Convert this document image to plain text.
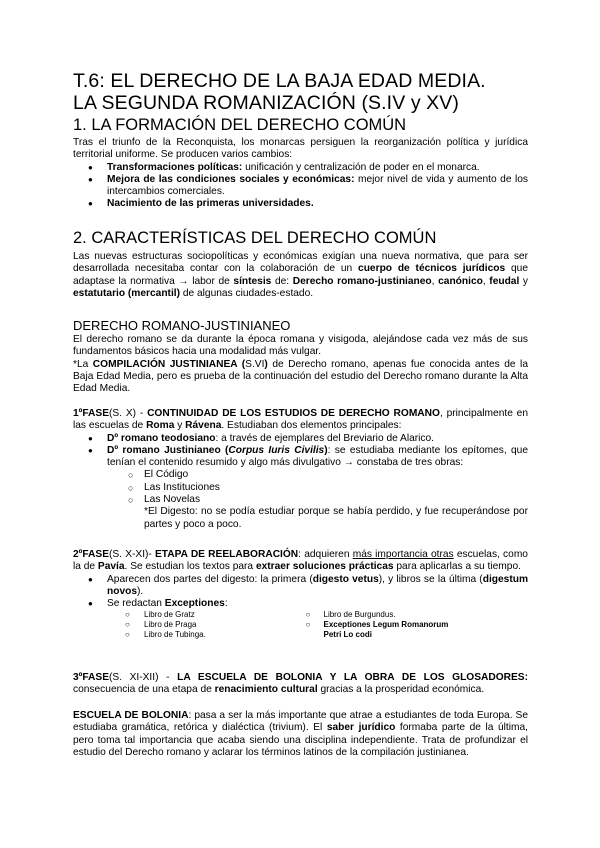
T.6: EL DERECHO DE LA BAJA EDAD MEDIA.
LA SEGUNDA ROMANIZACIÓN (S.IV y XV)
1. LA FORMACIÓN DEL DERECHO COMÚN

Tras el triunfo de la Reconquista, los monarcas persiguen la reorganización política y jurídica territorial uniforme. Se producen varios cambios:

● Transformaciones políticas: unificación y centralización de poder en el monarca.
● Mejora de las condiciones sociales y económicas: mejor nivel de vida y aumento de los intercambios comerciales.
● Nacimiento de las primeras universidades.
2. CARACTERÍSTICAS DEL DERECHO COMÚN

Las nuevas estructuras sociopolíticas y económicas exigían una nueva normativa, que para ser desarrollada necesitaba contar con la colaboración de un cuerpo de técnicos jurídicos que adaptase la normativa → labor de síntesis de: Derecho romano-justinianeo, canónico, feudal y estatutario (mercantil) de algunas ciudades-estado.

DERECHO ROMANO-JUSTINIANEO

El derecho romano se da durante la época romana y visigoda, alejándose cada vez más de sus fundamentos básicos hacia una modalidad más vulgar.

*La COMPILACIÓN JUSTINIANEA (S.VI) de Derecho romano, apenas fue conocida antes de la Baja Edad Media, pero es prueba de la continuación del estudio del Derecho romano durante la Alta Edad Media.

1ºFASE(S. X) - CONTINUIDAD DE LOS ESTUDIOS DE DERECHO ROMANO, principalmente en las escuelas de Roma y Rávena. Estudiaban dos elementos principales:

● Dº romano teodosiano: a través de ejemplares del Breviario de Alarico.
● Dº romano Justinianeo (Corpus Iuris Civilis): se estudiaba mediante los epítomes, que tenían el contenido resumido y algo más divulgativo → constaba de tres obras:
○ El Código
○ Las Instituciones
○ Las Novelas

*El Digesto: no se podía estudiar porque se había perdido, y fue recuperándose por partes y poco a poco.

2ºFASE(S. X-XI)- ETAPA DE REELABORACIÓN: adquieren más importancia otras escuelas, como la de Pavía. Se estudian los textos para extraer soluciones prácticas para aplicarlas a su tiempo.

● Aparecen dos partes del digesto: la primera (digesto vetus), y libros se la última (digestum novos).
● Se redactan Exceptiones:
○ Libro de Gratz
○ Libro de Praga
○ Libro de Tubinga.
○ Libro de Burgundus.
○ Exceptiones Legum Romanorum
Petri Lo codi

3ºFASE(S. XI-XII) - LA ESCUELA DE BOLONIA Y LA OBRA DE LOS GLOSADORES: consecuencia de una etapa de renacimiento cultural gracias a la prosperidad económica.

ESCUELA DE BOLONIA: pasa a ser la más importante que atrae a estudiantes de toda Europa. Se estudiaba gramática, retórica y dialéctica (trivium). El saber jurídico formaba parte de la última, pero toma tal importancia que acaba siendo una disciplina independiente. Trata de profundizar el estudio del Derecho romano y aclarar los términos latinos de la compilación justinianea.
